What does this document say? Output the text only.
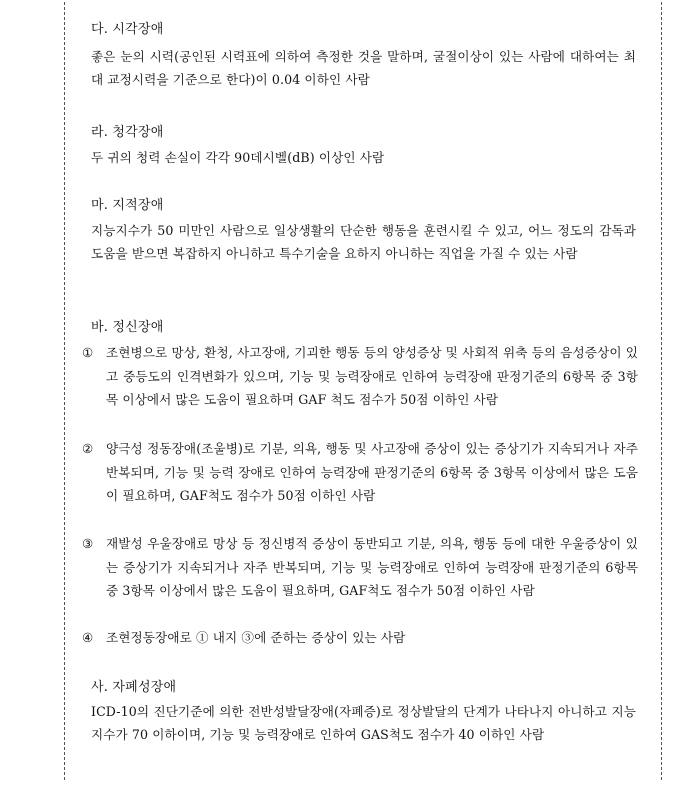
다. 시각장애
좋은 눈의 시력(공인된 시력표에 의하여 측정한 것을 말하며, 굴절이상이 있는 사람에 대하여는 최대 교정시력을 기준으로 한다)이 0.04 이하인 사람
라. 청각장애
두 귀의 청력 손실이 각각 90데시벨(dB) 이상인 사람
마. 지적장애
지능지수가 50 미만인 사람으로 일상생활의 단순한 행동을 훈련시킬 수 있고, 어느 정도의 감독과 도움을 받으면 복잡하지 아니하고 특수기술을 요하지 아니하는 직업을 가질 수 있는 사람
바. 정신장애
①	조현병으로 망상, 환청, 사고장애, 기괴한 행동 등의 양성증상 및 사회적 위축 등의 음성증상이 있고 중등도의 인격변화가 있으며, 기능 및 능력장애로 인하여 능력장애 판정기준의 6항목 중 3항목 이상에서 많은 도움이 필요하며 GAF 척도 점수가 50점 이하인 사람
②	양극성 정동장애(조울병)로 기분, 의욕, 행동 및 사고장애 증상이 있는 증상기가 지속되거나 자주 반복되며, 기능 및 능력 장애로 인하여 능력장애 판정기준의 6항목 중 3항목 이상에서 많은 도움이 필요하며, GAF척도 점수가 50점 이하인 사람
③	재발성 우울장애로 망상 등 정신병적 증상이 동반되고 기분, 의욕, 행동 등에 대한 우울증상이 있는 증상기가 지속되거나 자주 반복되며, 기능 및 능력장애로 인하여 능력장애 판정기준의 6항목 중 3항목 이상에서 많은 도움이 필요하며, GAF척도 점수가 50점 이하인 사람
④	조현정동장애로 ① 내지 ③에 준하는 증상이 있는 사람
사. 자폐성장애
ICD-10의 진단기준에 의한 전반성발달장애(자폐증)로 정상발달의 단계가 나타나지 아니하고 지능지수가 70 이하이며, 기능 및 능력장애로 인하여 GAS척도 점수가 40 이하인 사람
